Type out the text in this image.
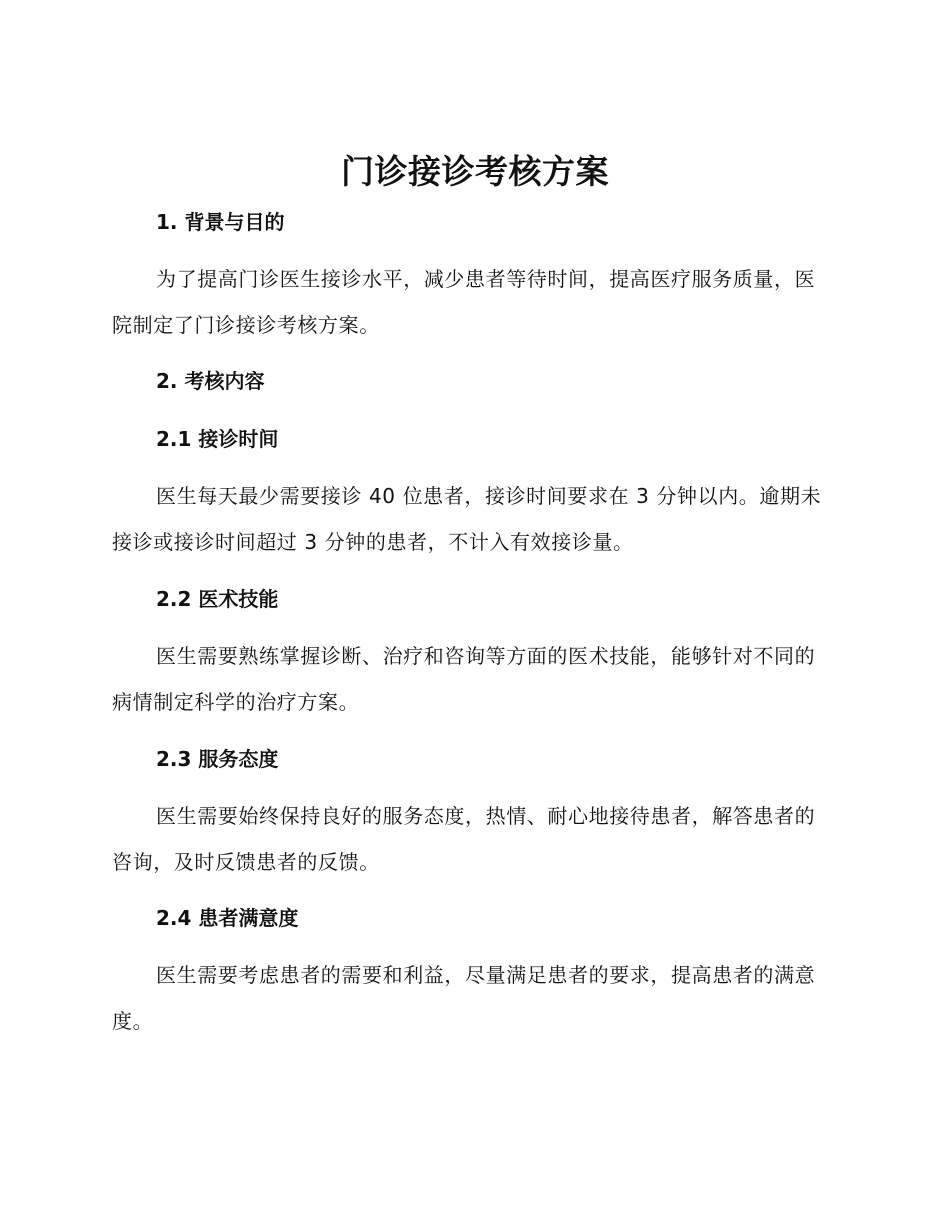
门诊接诊考核方案
1. 背景与目的

为了提高门诊医生接诊水平，减少患者等待时间，提高医疗服务质量，医院制定了门诊接诊考核方案。

2. 考核内容
2.1 接诊时间

医生每天最少需要接诊 40 位患者，接诊时间要求在 3 分钟以内。逾期未接诊或接诊时间超过 3 分钟的患者，不计入有效接诊量。

2.2 医术技能

医生需要熟练掌握诊断、治疗和咨询等方面的医术技能，能够针对不同的病情制定科学的治疗方案。

2.3 服务态度

医生需要始终保持良好的服务态度，热情、耐心地接待患者，解答患者的咨询，及时反馈患者的反馈。

2.4 患者满意度

医生需要考虑患者的需要和利益，尽量满足患者的要求，提高患者的满意度。
